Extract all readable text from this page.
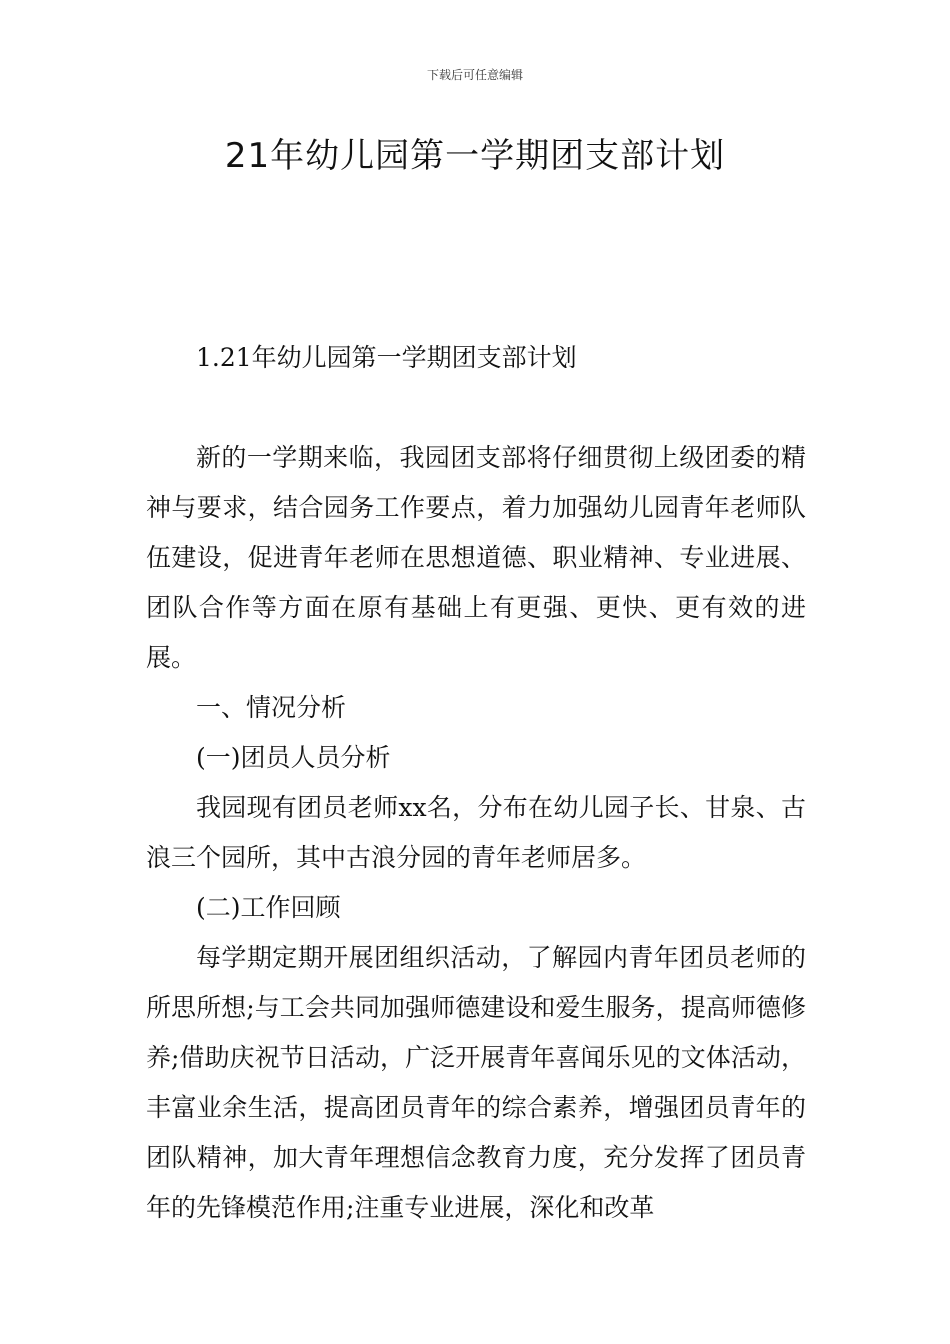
下载后可任意编辑
21年幼儿园第一学期团支部计划

1.21年幼儿园第一学期团支部计划

新的一学期来临，我园团支部将仔细贯彻上级团委的精神与要求，结合园务工作要点，着力加强幼儿园青年老师队伍建设，促进青年老师在思想道德、职业精神、专业进展、团队合作等方面在原有基础上有更强、更快、更有效的进展。

一、情况分析

(一)团员人员分析

我园现有团员老师xx名，分布在幼儿园子长、甘泉、古浪三个园所，其中古浪分园的青年老师居多。

(二)工作回顾

每学期定期开展团组织活动，了解园内青年团员老师的所思所想;与工会共同加强师德建设和爱生服务，提高师德修养;借助庆祝节日活动，广泛开展青年喜闻乐见的文体活动，丰富业余生活，提高团员青年的综合素养，增强团员青年的团队精神，加大青年理想信念教育力度，充分发挥了团员青年的先锋模范作用;注重专业进展，深化和改革
